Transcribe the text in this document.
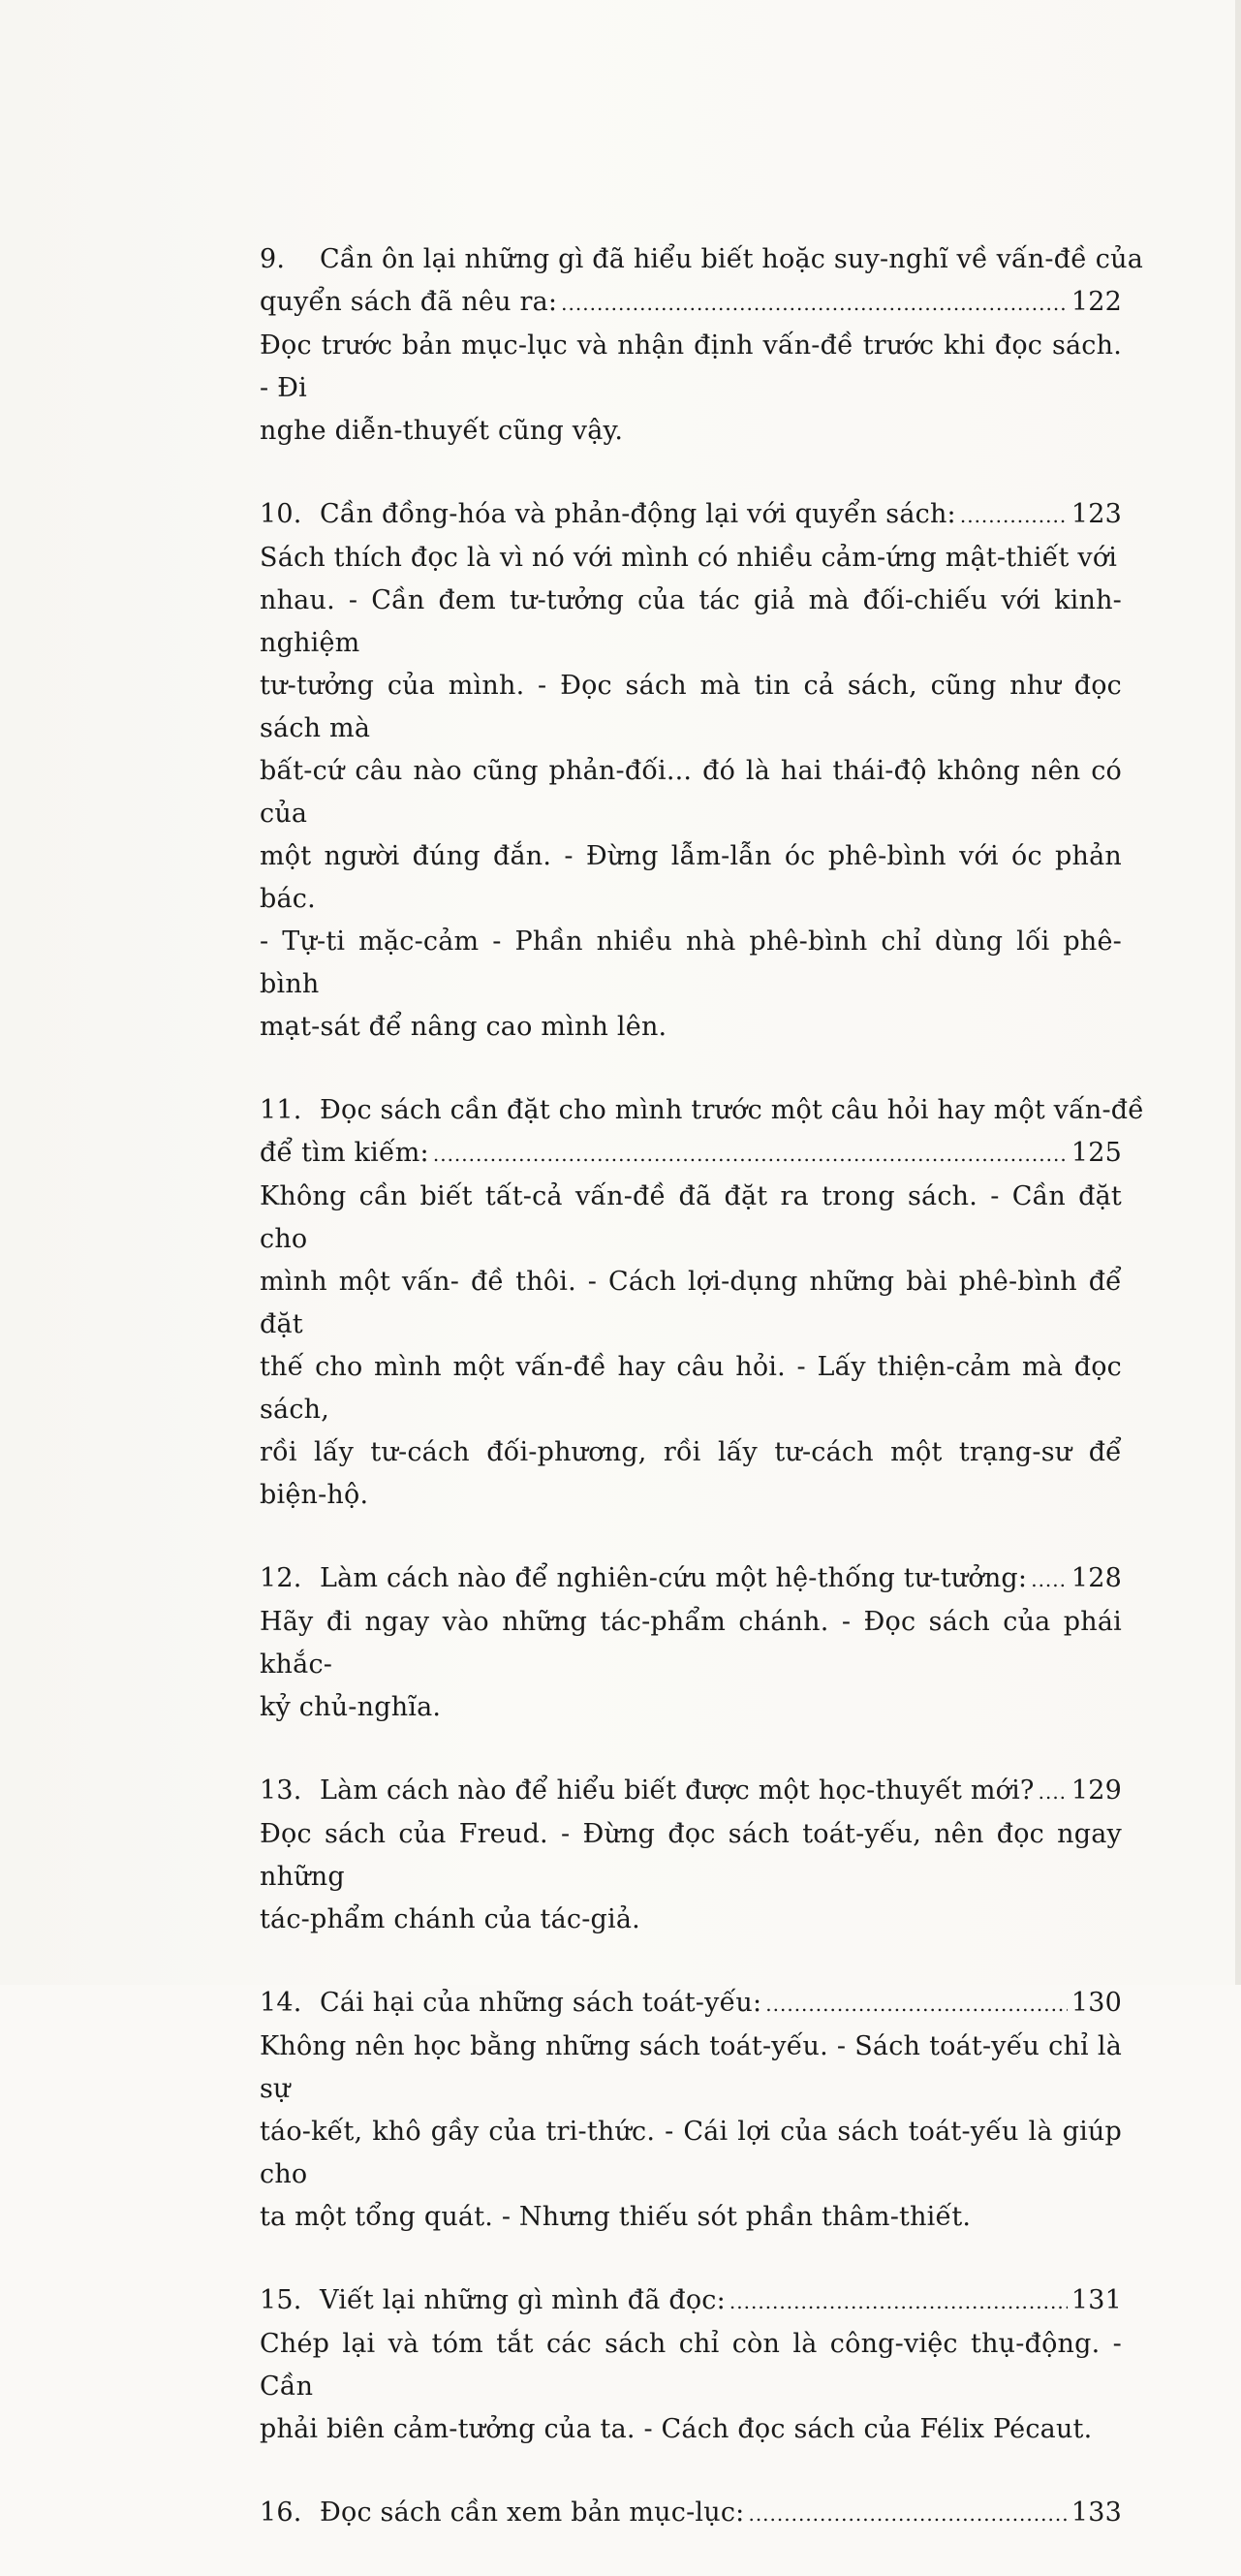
9.	Cần ôn lại những gì đã hiểu biết hoặc suy-nghĩ về vấn-đề của
quyển sách đã nêu ra: .....	122
Đọc trước bản mục-lục và nhận định vấn-đề trước khi đọc sách. - Đi
nghe diễn-thuyết cũng vậy.
10. Cần đồng-hóa và phản-động lại với quyển sách: .....	123
Sách thích đọc là vì nó với mình có nhiều cảm-ứng mật-thiết với
nhau. - Cần đem tư-tưởng của tác giả mà đối-chiếu với kinh-nghiệm
tư-tưởng của mình. - Đọc sách mà tin cả sách, cũng như đọc sách mà
bất-cứ câu nào cũng phản-đối... đó là hai thái-độ không nên có của
một người đúng đắn. - Đừng lẫm-lẫn óc phê-bình với óc phản bác.
- Tự-ti mặc-cảm - Phần nhiều nhà phê-bình chỉ dùng lối phê-bình
mạt-sát để nâng cao mình lên.
11. Đọc sách cần đặt cho mình trước một câu hỏi hay một vấn-đề
để tìm kiếm: .....	125
Không cần biết tất-cả vấn-đề đã đặt ra trong sách. - Cần đặt cho
mình một vấn- đề thôi. - Cách lợi-dụng những bài phê-bình để đặt
thế cho mình một vấn-đề hay câu hỏi. - Lấy thiện-cảm mà đọc sách,
rồi lấy tư-cách đối-phương, rồi lấy tư-cách một trạng-sư để biện-hộ.
12. Làm cách nào để nghiên-cứu một hệ-thống tư-tưởng: ..... 128
Hãy đi ngay vào những tác-phẩm chánh. - Đọc sách của phái khắc-
kỷ chủ-nghĩa.
13. Làm cách nào để hiểu biết được một học-thuyết mới? ..... 129
Đọc sách của Freud. - Đừng đọc sách toát-yếu, nên đọc ngay những
tác-phẩm chánh của tác-giả.
14. Cái hại của những sách toát-yếu: .....	130
Không nên học bằng những sách toát-yếu. - Sách toát-yếu chỉ là sự
táo-kết, khô gầy của tri-thức. - Cái lợi của sách toát-yếu là giúp cho
ta một tổng quát. - Nhưng thiếu sót phần thâm-thiết.
15. Viết lại những gì mình đã đọc: .....	131
Chép lại và tóm tắt các sách chỉ còn là công-việc thụ-động. - Cần
phải biên cảm-tưởng của ta. - Cách đọc sách của Félix Pécaut.
16. Đọc sách cần xem bản mục-lục: .....	133
